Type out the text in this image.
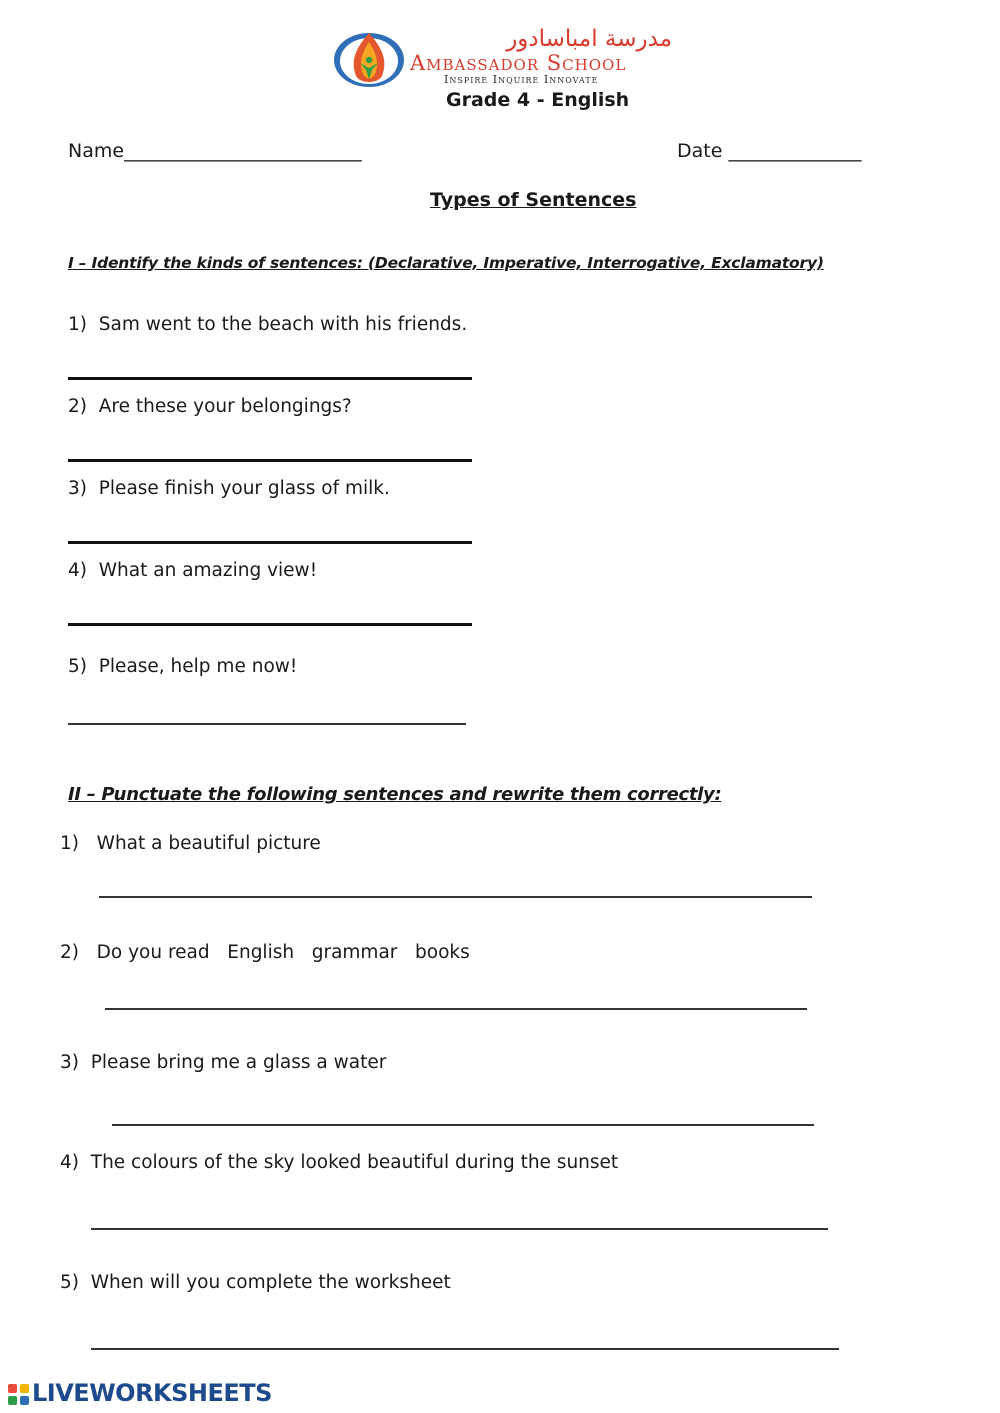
مدرسة امباسادور
Ambassador School
Inspire Inquire Innovate
Grade 4 - English
Name_________________________	Date ______________
Types of Sentences
I – Identify the kinds of sentences: (Declarative, Imperative, Interrogative, Exclamatory)
1) Sam went to the beach with his friends.
2) Are these your belongings?
3) Please finish your glass of milk.
4) What an amazing view!
5) Please, help me now!
II – Punctuate the following sentences and rewrite them correctly:
1) What a beautiful picture
2) Do you read   English   grammar   books
3) Please bring me a glass a water
4) The colours of the sky looked beautiful during the sunset
5) When will you complete the worksheet
LIVEWORKSHEETS
